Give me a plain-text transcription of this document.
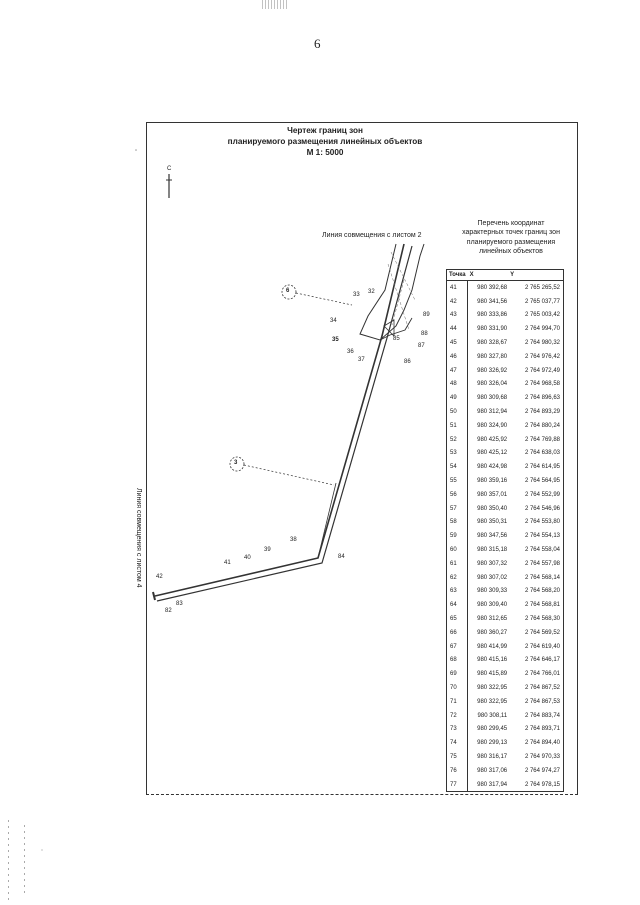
6
Чертеж границ зон
планируемого размещения линейных объектов
М 1: 5000
Перечень координат
характерных точек границ зон
планируемого размещения
линейных объектов
Точка	X	Y
41	980 392,68	2 765 265,52
42	980 341,56	2 765 037,77
43	980 333,86	2 765 003,42
44	980 331,90	2 764 994,70
45	980 328,67	2 764 980,32
46	980 327,80	2 764 976,42
47	980 326,92	2 764 972,49
48	980 326,04	2 764 968,58
49	980 309,68	2 764 896,63
50	980 312,94	2 764 893,29
51	980 324,90	2 764 880,24
52	980 425,92	2 764 769,88
53	980 425,12	2 764 638,03
54	980 424,98	2 764 614,95
55	980 359,16	2 764 564,95
56	980 357,01	2 764 552,99
57	980 350,40	2 764 546,96
58	980 350,31	2 764 553,80
59	980 347,56	2 764 554,13
60	980 315,18	2 764 558,04
61	980 307,32	2 764 557,98
62	980 307,02	2 764 568,14
63	980 309,33	2 764 568,20
64	980 309,40	2 764 568,81
65	980 312,65	2 764 568,30
66	980 360,27	2 764 569,52
67	980 414,99	2 764 619,40
68	980 415,16	2 764 646,17
69	980 415,89	2 764 766,01
70	980 322,95	2 764 867,52
71	980 322,95	2 764 867,53
72	980 308,11	2 764 883,74
73	980 299,45	2 764 893,71
74	980 299,13	2 764 894,40
75	980 316,17	2 764 970,33
76	980 317,06	2 764 974,27
77	980 317,94	2 764 978,15
Линия совмещения с листом 2
Линия совмещения с листом 4
С
6
3
33 32
34
35
36
37
89
88
87
86
85
38
39
40
41
42
82
83
84
